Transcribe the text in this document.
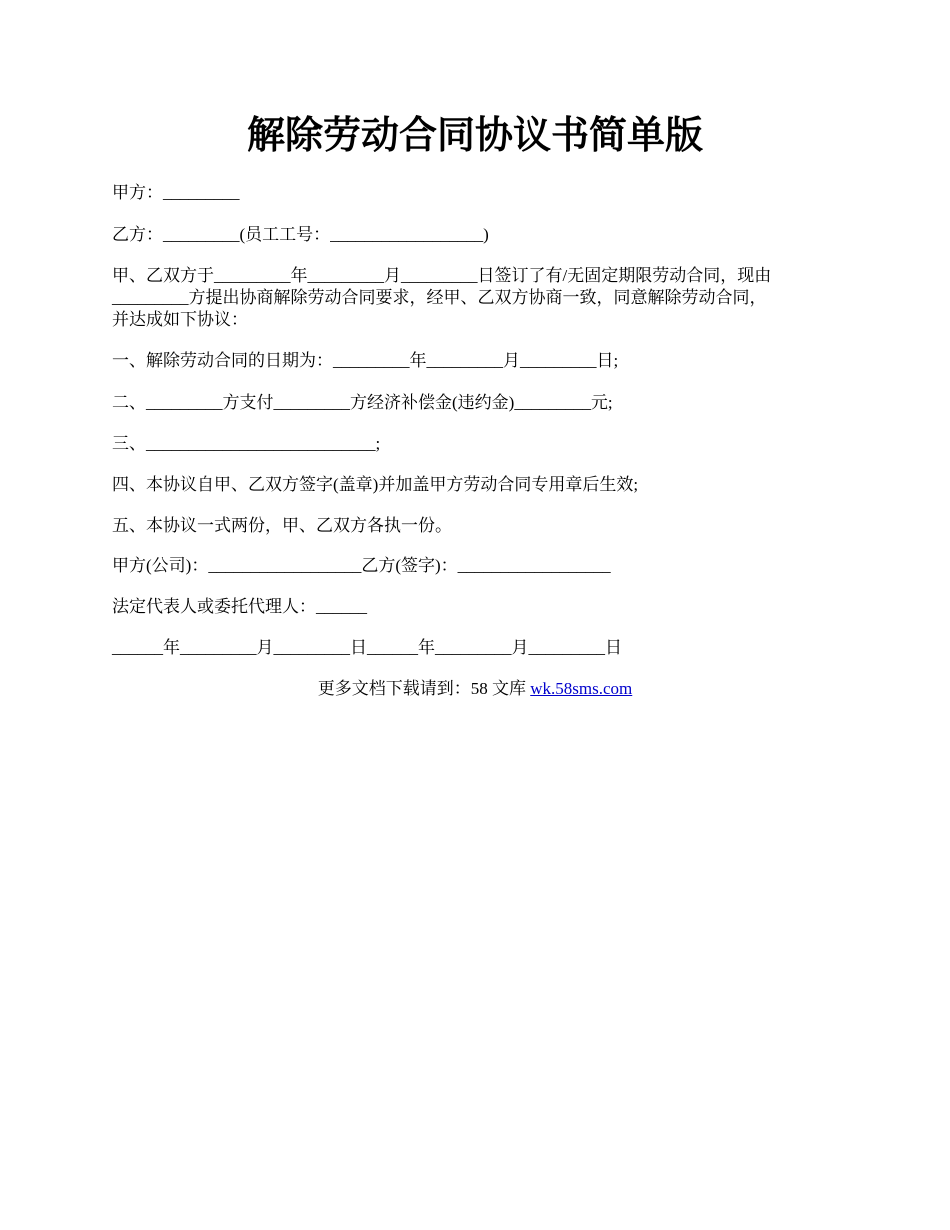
解除劳动合同协议书简单版
甲方：_________
乙方：_________(员工工号：__________________)
甲、乙双方于_________年_________月_________日签订了有/无固定期限劳动合同，现由
_________方提出协商解除劳动合同要求，经甲、乙双方协商一致，同意解除劳动合同，
并达成如下协议：
一、解除劳动合同的日期为：_________年_________月_________日;
二、_________方支付_________方经济补偿金(违约金)_________元;
三、___________________________;
四、本协议自甲、乙双方签字(盖章)并加盖甲方劳动合同专用章后生效;
五、本协议一式两份，甲、乙双方各执一份。
甲方(公司)：__________________乙方(签字)：__________________
法定代表人或委托代理人：______
______年_________月_________日______年_________月_________日
更多文档下载请到：58 文库 wk.58sms.com
